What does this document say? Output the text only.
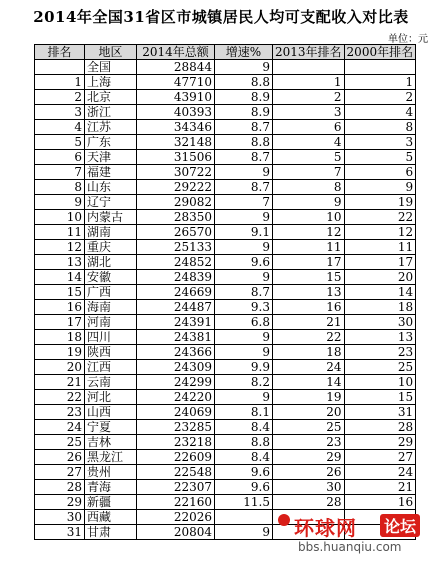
2014年全国31省区市城镇居民人均可支配收入对比表
单位：元
排名	地区	2014年总额	增速%	2013年排名	2000年排名
	全国	28844	9		
1	上海	47710	8.8	1	1
2	北京	43910	8.9	2	2
3	浙江	40393	8.9	3	4
4	江苏	34346	8.7	6	8
5	广东	32148	8.8	4	3
6	天津	31506	8.7	5	5
7	福建	30722	9	7	6
8	山东	29222	8.7	8	9
9	辽宁	29082	7	9	19
10	内蒙古	28350	9	10	22
11	湖南	26570	9.1	12	12
12	重庆	25133	9	11	11
13	湖北	24852	9.6	17	17
14	安徽	24839	9	15	20
15	广西	24669	8.7	13	14
16	海南	24487	9.3	16	18
17	河南	24391	6.8	21	30
18	四川	24381	9	22	13
19	陕西	24366	9	18	23
20	江西	24309	9.9	24	25
21	云南	24299	8.2	14	10
22	河北	24220	9	19	15
23	山西	24069	8.1	20	31
24	宁夏	23285	8.4	25	28
25	吉林	23218	8.8	23	29
26	黑龙江	22609	8.4	29	27
27	贵州	22548	9.6	26	24
28	青海	22307	9.6	30	21
29	新疆	22160	11.5	28	16
30	西藏	22026			
31	甘肃	20804	9		环球网 论坛
bbs.huanqiu.com
